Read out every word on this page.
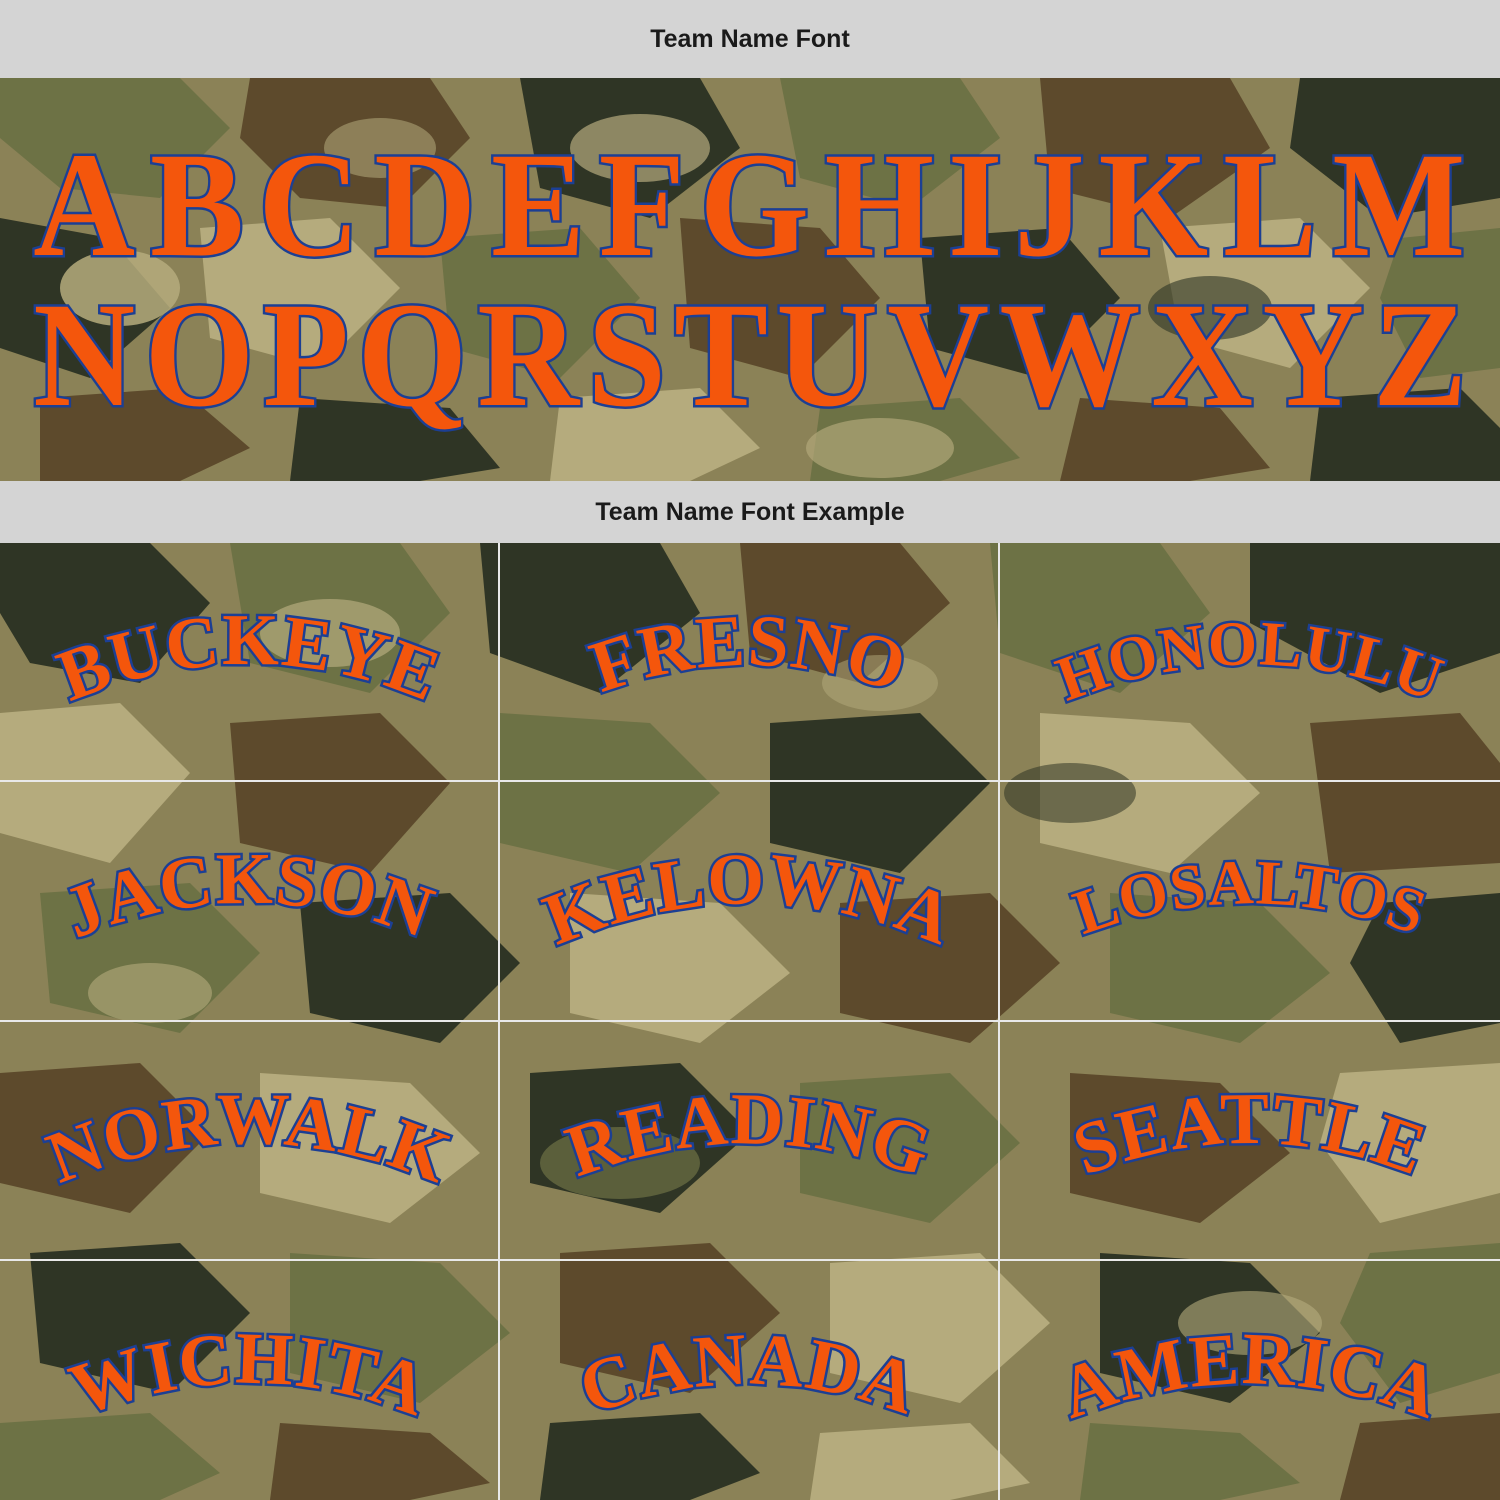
Team Name Font
A B C D E F G H I J K L M
N O P Q R S T U V W X Y Z
Team Name Font Example
BUCKEYE FRESNO HONOLULU
JACKSON KELOWNA LOSALTOS
NORWALK READING SEATTLE
WICHITA CANADA AMERICA
